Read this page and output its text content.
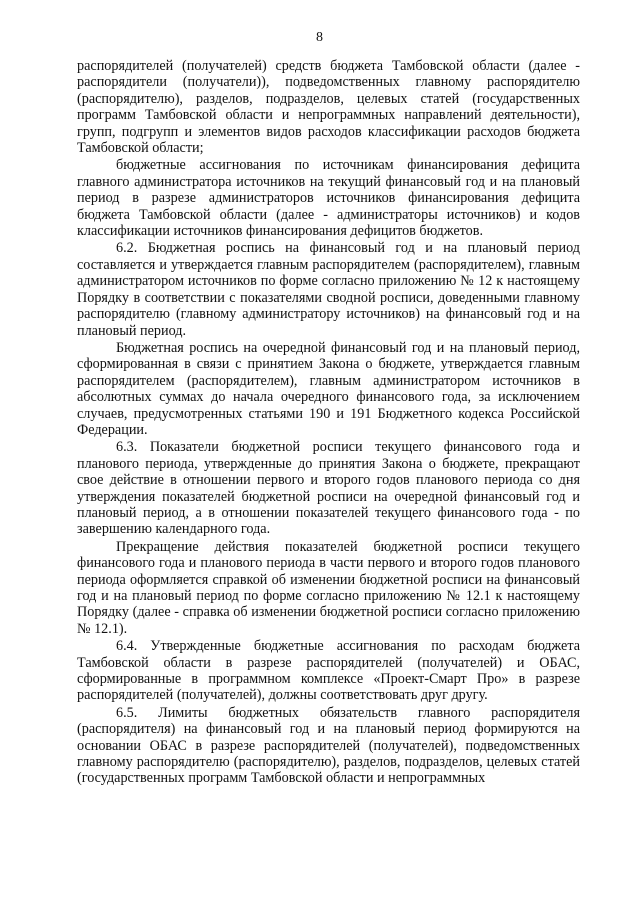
8

распорядителей (получателей) средств бюджета Тамбовской области (далее - распорядители (получатели)), подведомственных главному распорядителю (распорядителю), разделов, подразделов, целевых статей (государственных программ Тамбовской области и непрограммных направлений деятельности), групп, подгрупп и элементов видов расходов классификации расходов бюджета Тамбовской области;

бюджетные ассигнования по источникам финансирования дефицита главного администратора источников на текущий финансовый год и на плановый период в разрезе администраторов источников финансирования дефицита бюджета Тамбовской области (далее - администраторы источников) и кодов классификации источников финансирования дефицитов бюджетов.

6.2. Бюджетная роспись на финансовый год и на плановый период составляется и утверждается главным распорядителем (распорядителем), главным администратором источников по форме согласно приложению № 12 к настоящему Порядку в соответствии с показателями сводной росписи, доведенными главному распорядителю (главному администратору источников) на финансовый год и на плановый период.

Бюджетная роспись на очередной финансовый год и на плановый период, сформированная в связи с принятием Закона о бюджете, утверждается главным распорядителем (распорядителем), главным администратором источников в абсолютных суммах до начала очередного финансового года, за исключением случаев, предусмотренных статьями 190 и 191 Бюджетного кодекса Российской Федерации.

6.3. Показатели бюджетной росписи текущего финансового года и планового периода, утвержденные до принятия Закона о бюджете, прекращают свое действие в отношении первого и второго годов планового периода со дня утверждения показателей бюджетной росписи на очередной финансовый год и плановый период, а в отношении показателей текущего финансового года - по завершению календарного года.

Прекращение действия показателей бюджетной росписи текущего финансового года и планового периода в части первого и второго годов планового периода оформляется справкой об изменении бюджетной росписи на финансовый год и на плановый период по форме согласно приложению № 12.1 к настоящему Порядку (далее - справка об изменении бюджетной росписи согласно приложению № 12.1).

6.4. Утвержденные бюджетные ассигнования по расходам бюджета Тамбовской области в разрезе распорядителей (получателей) и ОБАС, сформированные в программном комплексе «Проект-Смарт Про» в разрезе распорядителей (получателей), должны соответствовать друг другу.

6.5. Лимиты бюджетных обязательств главного распорядителя (распорядителя) на финансовый год и на плановый период формируются на основании ОБАС в разрезе распорядителей (получателей), подведомственных главному распорядителю (распорядителю), разделов, подразделов, целевых статей (государственных программ Тамбовской области и непрограммных
